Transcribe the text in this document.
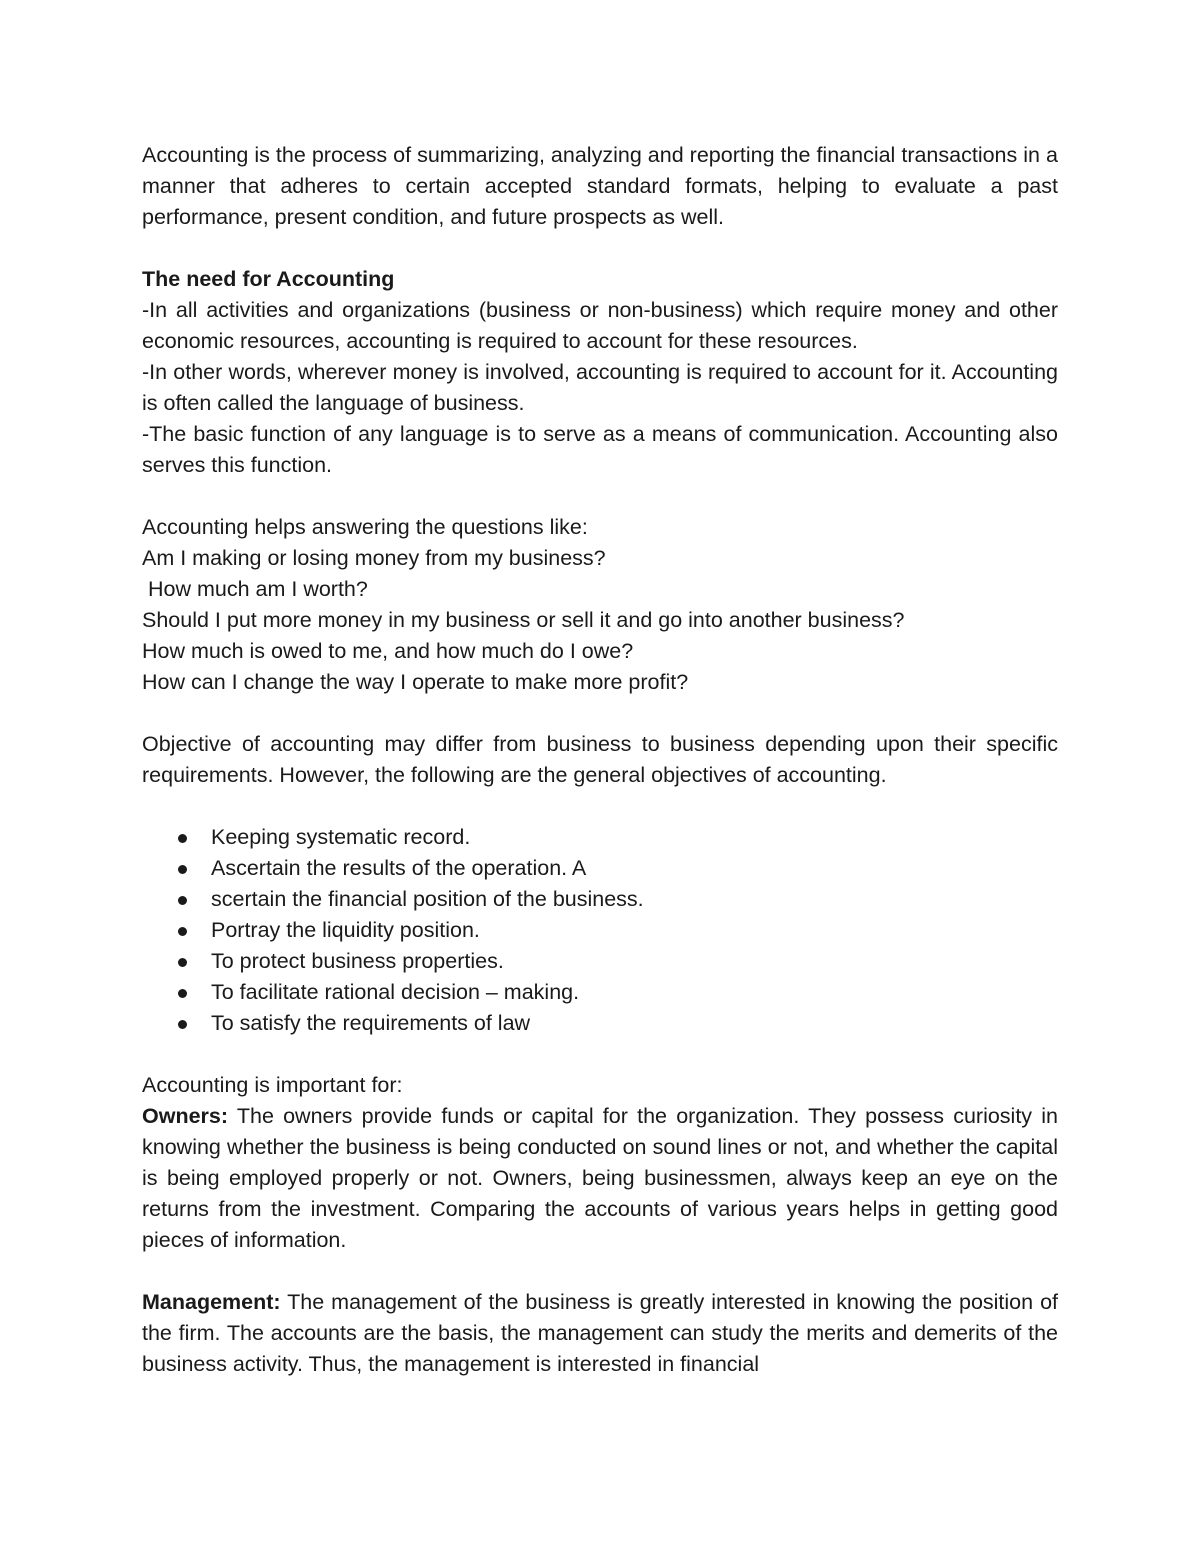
Accounting is the process of summarizing, analyzing and reporting the financial transactions in a manner that adheres to certain accepted standard formats, helping to evaluate a past performance, present condition, and future prospects as well.

The need for Accounting
-In all activities and organizations (business or non-business) which require money and other economic resources, accounting is required to account for these resources.
-In other words, wherever money is involved, accounting is required to account for it. Accounting is often called the language of business.
-The basic function of any language is to serve as a means of communication. Accounting also serves this function.
Accounting helps answering the questions like:
Am I making or losing money from my business?
How much am I worth?
Should I put more money in my business or sell it and go into another business?
How much is owed to me, and how much do I owe?
How can I change the way I operate to make more profit?

Objective of accounting may differ from business to business depending upon their specific requirements. However, the following are the general objectives of accounting.

Keeping systematic record.
Ascertain the results of the operation. A
scertain the financial position of the business.
Portray the liquidity position.
To protect business properties.
To facilitate rational decision – making.
To satisfy the requirements of law
Accounting is important for:
Owners: The owners provide funds or capital for the organization. They possess curiosity in knowing whether the business is being conducted on sound lines or not, and whether the capital is being employed properly or not. Owners, being businessmen, always keep an eye on the returns from the investment. Comparing the accounts of various years helps in getting good pieces of information.

Management: The management of the business is greatly interested in knowing the position of the firm. The accounts are the basis, the management can study the merits and demerits of the business activity. Thus, the management is interested in financial
